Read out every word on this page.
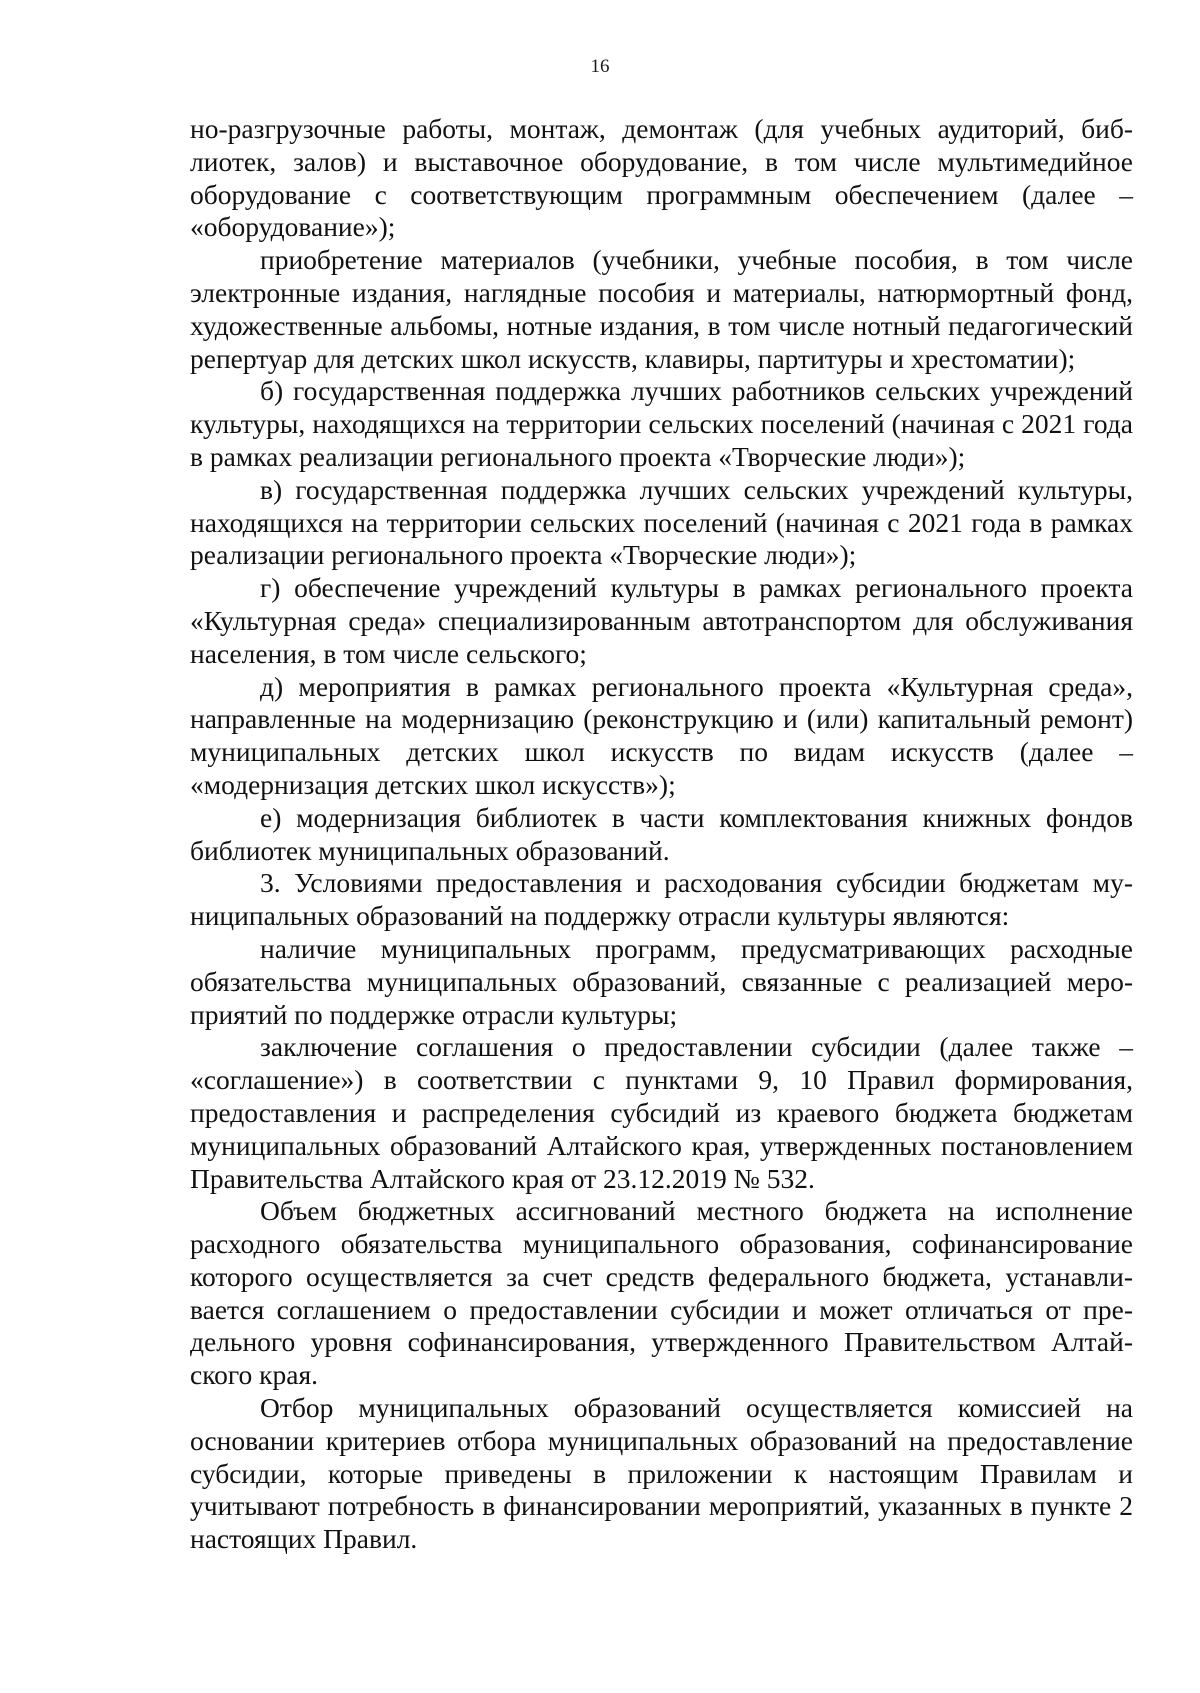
16

но-разгрузочные работы, монтаж, демонтаж (для учебных аудиторий, библиотек, залов) и выставочное оборудование, в том числе мультимедийное оборудование с соответствующим программным обеспечением (далее – «оборудование»);

приобретение материалов (учебники, учебные пособия, в том числе электронные издания, наглядные пособия и материалы, натюрмортный фонд, художественные альбомы, нотные издания, в том числе нотный педагогический репертуар для детских школ искусств, клавиры, партитуры и хрестоматии);

б) государственная поддержка лучших работников сельских учреждений культуры, находящихся на территории сельских поселений (начиная с 2021 года в рамках реализации регионального проекта «Творческие люди»);

в) государственная поддержка лучших сельских учреждений культуры, находящихся на территории сельских поселений (начиная с 2021 года в рамках реализации регионального проекта «Творческие люди»);

г) обеспечение учреждений культуры в рамках регионального проекта «Культурная среда» специализированным автотранспортом для обслуживания населения, в том числе сельского;

д) мероприятия в рамках регионального проекта «Культурная среда», направленные на модернизацию (реконструкцию и (или) капитальный ремонт) муниципальных детских школ искусств по видам искусств (далее – «модернизация детских школ искусств»);

е) модернизация библиотек в части комплектования книжных фондов библиотек муниципальных образований.

3. Условиями предоставления и расходования субсидии бюджетам муниципальных образований на поддержку отрасли культуры являются:

наличие муниципальных программ, предусматривающих расходные обязательства муниципальных образований, связанные с реализацией мероприятий по поддержке отрасли культуры;

заключение соглашения о предоставлении субсидии (далее также – «соглашение») в соответствии с пунктами 9, 10 Правил формирования, предоставления и распределения субсидий из краевого бюджета бюджетам муниципальных образований Алтайского края, утвержденных постановлением Правительства Алтайского края от 23.12.2019 № 532.

Объем бюджетных ассигнований местного бюджета на исполнение расходного обязательства муниципального образования, софинансирование которого осуществляется за счет средств федерального бюджета, устанавливается соглашением о предоставлении субсидии и может отличаться от предельного уровня софинансирования, утвержденного Правительством Алтайского края.

Отбор муниципальных образований осуществляется комиссией на основании критериев отбора муниципальных образований на предоставление субсидии, которые приведены в приложении к настоящим Правилам и учитывают потребность в финансировании мероприятий, указанных в пункте 2 настоящих Правил.
